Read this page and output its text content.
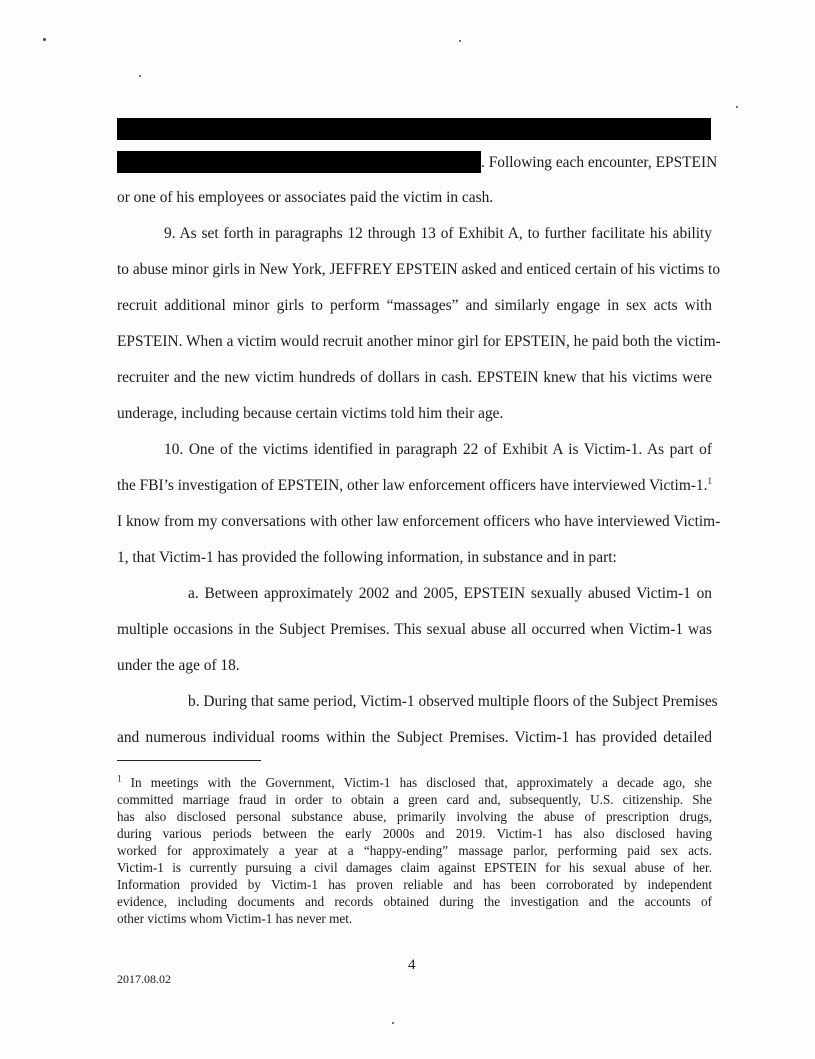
. Following each encounter, EPSTEIN
or one of his employees or associates paid the victim in cash.
9. As set forth in paragraphs 12 through 13 of Exhibit A, to further facilitate his ability
to abuse minor girls in New York, JEFFREY EPSTEIN asked and enticed certain of his victims to
recruit additional minor girls to perform “massages” and similarly engage in sex acts with
EPSTEIN. When a victim would recruit another minor girl for EPSTEIN, he paid both the victim-
recruiter and the new victim hundreds of dollars in cash. EPSTEIN knew that his victims were
underage, including because certain victims told him their age.
10. One of the victims identified in paragraph 22 of Exhibit A is Victim-1. As part of
the FBI’s investigation of EPSTEIN, other law enforcement officers have interviewed Victim-1.$^1$
I know from my conversations with other law enforcement officers who have interviewed Victim-
1, that Victim-1 has provided the following information, in substance and in part:
a. Between approximately 2002 and 2005, EPSTEIN sexually abused Victim-1 on
multiple occasions in the Subject Premises. This sexual abuse all occurred when Victim-1 was
under the age of 18.
b. During that same period, Victim-1 observed multiple floors of the Subject Premises
and numerous individual rooms within the Subject Premises. Victim-1 has provided detailed
$^1$ In meetings with the Government, Victim-1 has disclosed that, approximately a decade ago, she
committed marriage fraud in order to obtain a green card and, subsequently, U.S. citizenship. She
has also disclosed personal substance abuse, primarily involving the abuse of prescription drugs,
during various periods between the early 2000s and 2019. Victim-1 has also disclosed having
worked for approximately a year at a “happy-ending” massage parlor, performing paid sex acts.
Victim-1 is currently pursuing a civil damages claim against EPSTEIN for his sexual abuse of her.
Information provided by Victim-1 has proven reliable and has been corroborated by independent
evidence, including documents and records obtained during the investigation and the accounts of
other victims whom Victim-1 has never met.
4
2017.08.02
